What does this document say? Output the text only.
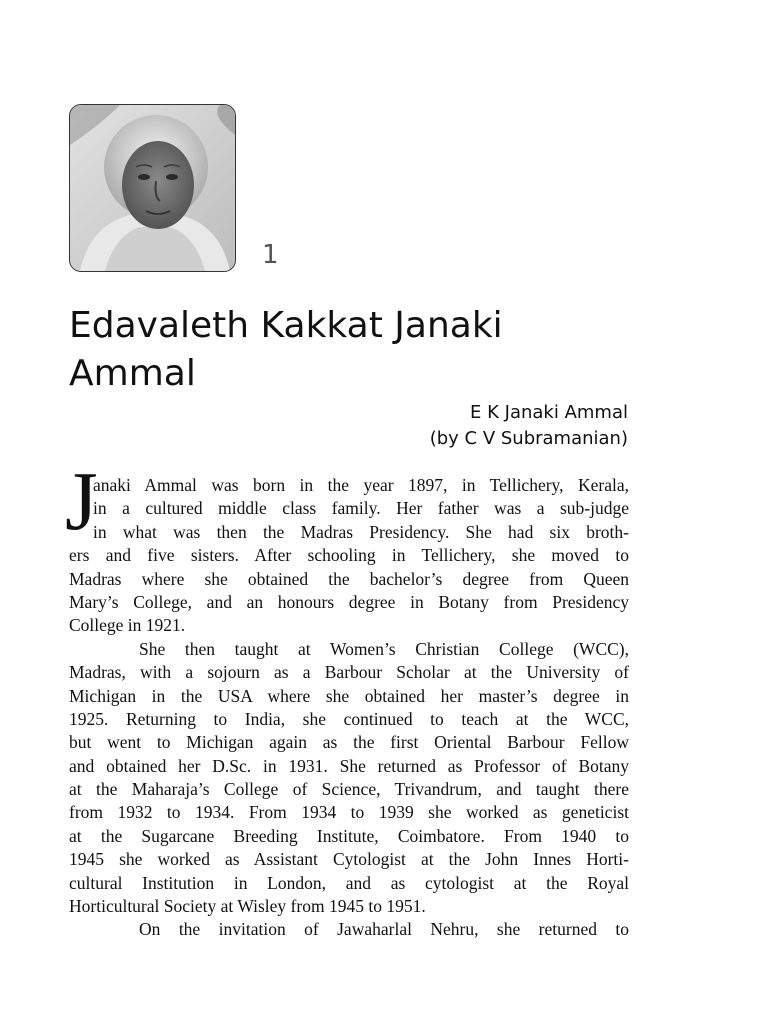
1
Edavaleth Kakkat Janaki
Ammal
E K Janaki Ammal
(by C V Subramanian)
J
anaki Ammal was born in the year 1897, in Tellichery, Kerala,
in a cultured middle class family. Her father was a sub-judge
in what was then the Madras Presidency. She had six broth-
ers and five sisters. After schooling in Tellichery, she moved to
Madras where she obtained the bachelor’s degree from Queen
Mary’s College, and an honours degree in Botany from Presidency
College in 1921.
She then taught at Women’s Christian College (WCC),
Madras, with a sojourn as a Barbour Scholar at the University of
Michigan in the USA where she obtained her master’s degree in
1925. Returning to India, she continued to teach at the WCC,
but went to Michigan again as the first Oriental Barbour Fellow
and obtained her D.Sc. in 1931. She returned as Professor of Botany
at the Maharaja’s College of Science, Trivandrum, and taught there
from 1932 to 1934. From 1934 to 1939 she worked as geneticist
at the Sugarcane Breeding Institute, Coimbatore. From 1940 to
1945 she worked as Assistant Cytologist at the John Innes Horti-
cultural Institution in London, and as cytologist at the Royal
Horticultural Society at Wisley from 1945 to 1951.
On the invitation of Jawaharlal Nehru, she returned to
